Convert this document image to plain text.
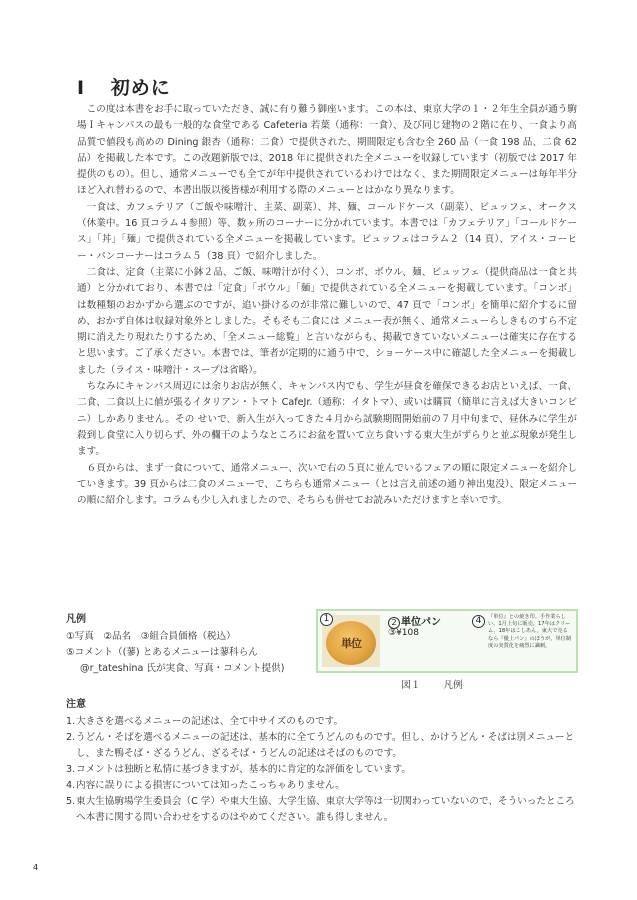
I 初めに

この度は本書をお手に取っていただき、誠に有り難う御座います。この本は、東京大学の１・２年生全員が通う駒場Ｉキャンパスの最も一般的な食堂である Cafeteria 若葉（通称：一食）、及び同じ建物の２階に在り、一食より高品質で値段も高めの Dining 銀杏（通称：二食）で提供された、期間限定も含む全 260 品（一食 198 品、二食 62 品）を掲載した本です。この改題新版では、2018 年に提供された全メニューを収録しています（初版では 2017 年提供のもの）。但し、通常メニューでも全てが年中提供されているわけではなく、また期間限定メニューは毎年半分ほど入れ替わるので、本書出版以後皆様が利用する際のメニューとはかなり異なります。

一食は、カフェテリア（ご飯や味噌汁、主菜、副菜）、丼、麺、コールドケース（副菜）、ビュッフェ、オークス（休業中。16 頁コラム４参照）等、数ヶ所のコーナーに分かれています。本書では「カフェテリア」「コールドケース」「丼」「麺」で提供されている全メニューを掲載しています。ビュッフェはコラム２（14 頁）、アイス・コーヒー・パンコーナーはコラム５（38 頁）で紹介しました。

二食は、定食（主菜に小鉢２品、ご飯、味噌汁が付く）、コンボ、ボウル、麺、ビュッフェ（提供商品は一食と共通）と分かれており、本書では「定食」「ボウル」「麺」で提供されている全メニューを掲載しています。「コンボ」は数種類のおかずから選ぶのですが、追い掛けるのが非常に難しいので、47 頁で「コンボ」を簡単に紹介するに留め、おかず自体は収録対象外としました。そもそも二食には メニュー表が無く、通常メニューらしきものすら不定期に消えたり現れたりするため、「全メニュー総覧」と言いながらも、掲載できていないメニューは確実に存在すると思います。ご了承ください。本書では、筆者が定期的に通う中で、ショーケース中に確認した全メニューを掲載しました（ライス・味噌汁・スープは省略）。

ちなみにキャンパス周辺には余りお店が無く、キャンパス内でも、学生が昼食を確保できるお店といえば、一食、二食、二食以上に値が張るイタリアン・トマト CafeJr.（通称：イタトマ）、或いは購買（簡単に言えば大きいコンビニ）しかありません。その せいで、新入生が入ってきた４月から試験期間開始前の７月中旬まで、昼休みに学生が殺到し食堂に入り切らず、外の欄干のようなところにお盆を置いて立ち食いする東大生がずらりと並ぶ現象が発生します。

６頁からは、まず一食について、通常メニュー、次いで右の５頁に並んでいるフェアの順に限定メニューを紹介していきます。39 頁からは二食のメニューで、こちらも通常メニュー（とは言え前述の通り神出鬼没）、限定メニューの順に紹介します。コラムも少し入れましたので、そちらも併せてお読みいただけますと幸いです。

凡例
①写真　②品名　③組合員価格（税込）
⑤コメント（(蓼) とあるメニューは蓼科らん
@r_tateshina 氏が実食、写真・コメント提供)
単位
1	2 単位パン
③¥108
4	『単位』との焼き印。手作業らしい。1月上旬に販売。17年はクリーム、18年はこしあん。東大で売るなら『優上パン』のほうが。単位制度の実質化を痛烈に諷刺。
図１ 凡例
注意
1. 大きさを選べるメニューの記述は、全て中サイズのものです。
2. うどん・そばを選べるメニューの記述は、基本的に全てうどんのものです。但し、かけうどん・そばは別メニューとし、また鴨そば・ざるうどん、ざるそば・うどんの記述はそばのものです。
3. コメントは独断と私情に基づきますが、基本的に肯定的な評価をしています。
4. 内容に誤りによる損害については知ったこっちゃありません。
5. 東大生協駒場学生委員会（C 学）や東大生協、大学生協、東京大学等は一切関わっていないので、そういったところへ本書に関する問い合わせをするのはやめてください。誰も得しません。
4
